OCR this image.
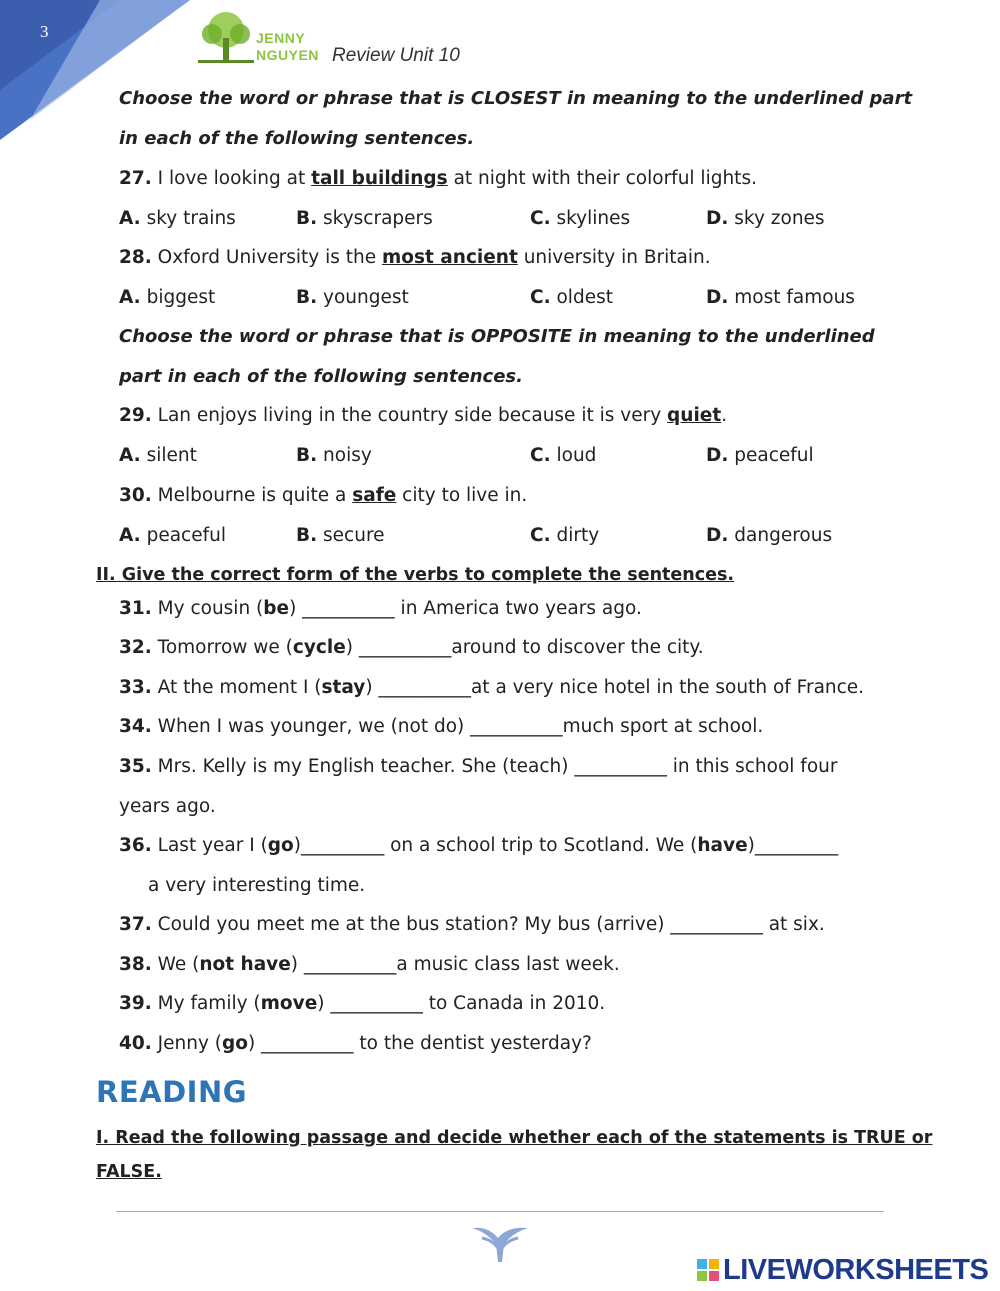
3	JENNY
NGUYEN Review Unit 10
Choose the word or phrase that is CLOSEST in meaning to the underlined part
in each of the following sentences.
27. I love looking at tall buildings at night with their colorful lights.
A. sky trains	B. skyscrapers	C. skylines	D. sky zones
28. Oxford University is the most ancient university in Britain.
A. biggest	B. youngest	C. oldest	D. most famous
Choose the word or phrase that is OPPOSITE in meaning to the underlined
part in each of the following sentences.
29. Lan enjoys living in the country side because it is very quiet.
A. silent	B. noisy	C. loud	D. peaceful
30. Melbourne is quite a safe city to live in.
A. peaceful	B. secure	C. dirty	D. dangerous
II. Give the correct form of the verbs to complete the sentences.
31. My cousin (be) __________ in America two years ago.
32. Tomorrow we (cycle) __________around to discover the city.
33. At the moment I (stay) __________at a very nice hotel in the south of France.
34. When I was younger, we (not do) __________much sport at school.
35. Mrs. Kelly is my English teacher. She (teach) __________ in this school four
years ago.
36. Last year I (go)_________ on a school trip to Scotland. We (have)_________
a very interesting time.
37. Could you meet me at the bus station? My bus (arrive) __________ at six.
38. We (not have) __________a music class last week.
39. My family (move) __________ to Canada in 2010.
40. Jenny (go) __________ to the dentist yesterday?
READING
I. Read the following passage and decide whether each of the statements is TRUE or
FALSE.
LIVEWORKSHEETS
